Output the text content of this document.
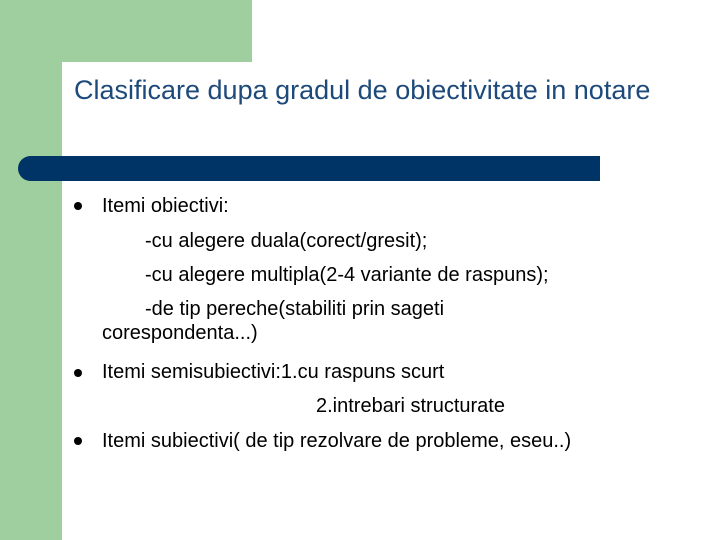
Clasificare dupa gradul de obiectivitate in notare
Itemi obiectivi:
-cu alegere duala(corect/gresit);
-cu alegere multipla(2-4 variante de raspuns);
-de tip pereche(stabiliti prin sageti
corespondenta...)
Itemi semisubiectivi:1.cu raspuns scurt
2.intrebari structurate
Itemi subiectivi( de tip rezolvare de probleme, eseu..)
